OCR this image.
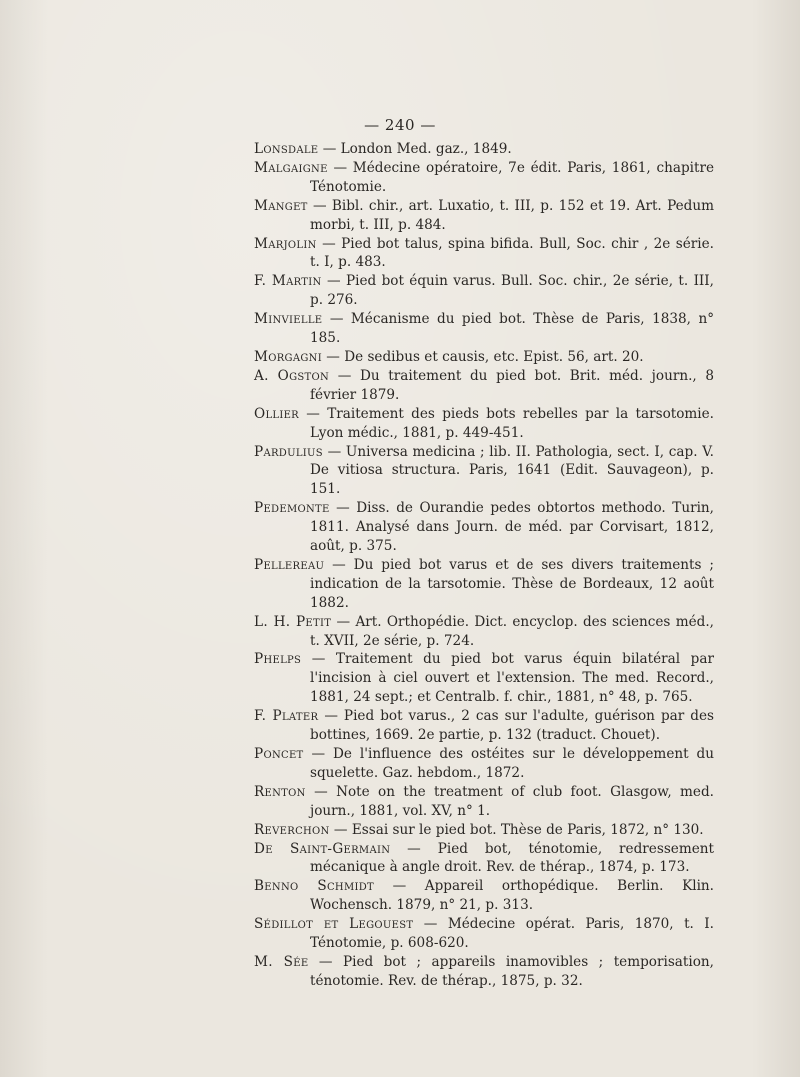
— 240 —

Lonsdale — London Med. gaz., 1849.

Malgaigne — Médecine opératoire, 7e édit. Paris, 1861, chapitre Ténotomie.

Manget — Bibl. chir., art. Luxatio, t. III, p. 152 et 19. Art. Pedum morbi, t. III, p. 484.

Marjolin — Pied bot talus, spina bifida. Bull, Soc. chir , 2e série. t. I, p. 483.

F. Martin — Pied bot équin varus. Bull. Soc. chir., 2e série, t. III, p. 276.

Minvielle — Mécanisme du pied bot. Thèse de Paris, 1838, n° 185.

Morgagni — De sedibus et causis, etc. Epist. 56, art. 20.

A. Ogston — Du traitement du pied bot. Brit. méd. journ., 8 février 1879.

Ollier — Traitement des pieds bots rebelles par la tarsotomie. Lyon médic., 1881, p. 449-451.

Pardulius — Universa medicina ; lib. II. Pathologia, sect. I, cap. V. De vitiosa structura. Paris, 1641 (Edit. Sauvageon), p. 151.

Pedemonte — Diss. de Ourandie pedes obtortos methodo. Turin, 1811. Analysé dans Journ. de méd. par Corvisart, 1812, août, p. 375.

Pellereau — Du pied bot varus et de ses divers traitements ; indication de la tarsotomie. Thèse de Bordeaux, 12 août 1882.

L. H. Petit — Art. Orthopédie. Dict. encyclop. des sciences méd., t. XVII, 2e série, p. 724.

Phelps — Traitement du pied bot varus équin bilatéral par l'incision à ciel ouvert et l'extension. The med. Record., 1881, 24 sept.; et Centralb. f. chir., 1881, n° 48, p. 765.

F. Plater — Pied bot varus., 2 cas sur l'adulte, guérison par des bottines, 1669. 2e partie, p. 132 (traduct. Chouet).

Poncet — De l'influence des ostéites sur le développement du squelette. Gaz. hebdom., 1872.

Renton — Note on the treatment of club foot. Glasgow, med. journ., 1881, vol. XV, n° 1.

Reverchon — Essai sur le pied bot. Thèse de Paris, 1872, n° 130.

De Saint-Germain — Pied bot, ténotomie, redressement mécanique à angle droit. Rev. de thérap., 1874, p. 173.

Benno Schmidt — Appareil orthopédique. Berlin. Klin. Wochensch. 1879, n° 21, p. 313.

Sédillot et Legouest — Médecine opérat. Paris, 1870, t. I. Ténotomie, p. 608-620.

M. Sée — Pied bot ; appareils inamovibles ; temporisation, ténotomie. Rev. de thérap., 1875, p. 32.
